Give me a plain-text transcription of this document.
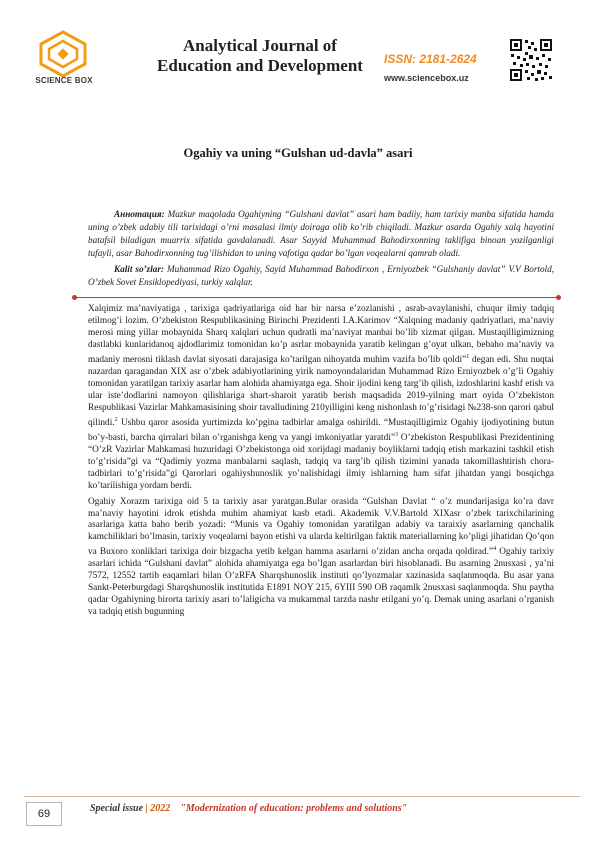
SCIENCE BOX
Analytical Journal of
Education and Development	ISSN: 2181-2624
www.sciencebox.uz
Ogahiy va uning “Gulshan ud-davla” asari

Аннотация: Mazkur maqolada Ogahiyning “Gulshani davlat” asari ham badiiy, ham tarixiy manba sifatida hamda uning o’zbek adabiy tili tarixidagi o’rni masalasi ilmiy doiraga olib ko’rib chiqiladi. Mazkur asarda Ogahiy xalq hayotini batafsil biladigan muarrix sifatida gavdalanadi. Asar Sayyid Muhammad Bahodirxonning taklifiga binoan yozilganligi tufayli, asar Bahodirxonning tug’ilishidan to uning vafotiga qadar bo’lgan voqealarni qamrab oladi.

Kalit so’zlar: Muhammad Rizo Ogahiy, Sayid Muhammad Bahodirxon , Erniyozbek “Gulshaniy davlat” V.V Bortold, O’zbek Sovet Ensiklopediyasi, turkiy xalqlar.

Xalqimiz ma’naviyatiga , tarixiga qadriyatlariga oid har bir narsa e’zozlanishi , asrab-avaylanishi, chuqur ilmiy tadqiq etilmog’i lozim. O’zbekiston Respublikasining Birinchi Prezidenti I.A.Karimov “Xalqning madaniy qadriyatlari, ma’naviy merosi ming yillar mobaynida Sharq xalqlari uchun qudratli ma’naviyat manbai bo’lib xizmat qilgan. Mustaqilligimizning dastlabki kunlaridanoq ajdodlarimiz tomonidan ko’p asrlar mobaynida yaratib kelingan g’oyat ulkan, bebaho ma’naviy va madaniy merosni tiklash davlat siyosati darajasiga ko’tarilgan nihoyatda muhim vazifa bo’lib qoldi”$^1$ degan edi. Shu nuqtai nazardan qaragandan XIX asr o’zbek adabiyotlarining yirik namoyondalaridan Muhammad Rizo Erniyozbek o’g’li Ogahiy tomonidan yaratilgan tarixiy asarlar ham alohida ahamiyatga ega. Shoir ijodini keng targ’ib qilish, izdoshlarini kashf etish va ular iste’dodlarini namoyon qilishlariga shart-sharoit yaratib berish maqsadida 2019-yilning mart oyida O’zbekiston Respublikasi Vazirlar Mahkamasisining shoir tavalludining 210yilligini keng nishonlash to’g’risidagi №238-son qarori qabul qilindi.$^2$ Ushbu qaror asosida yurtimizda ko’pgina tadbirlar amalga oshirildi. “Mustaqilligimiz Ogahiy ijodiyotining butun bo’y-basti, barcha qirralari bilan o’rganishga keng va yangi imkoniyatlar yaratdi”$^3$ O’zbekiston Respublikasi Prezidentining “O’zR Vazirlar Mahkamasi huzuridagi O’zbekistonga oid xorijdagi madaniy boyliklarni tadqiq etish markazini tashkil etish to’g’risida”gi va “Qadimiy yozma manbalarni saqlash, tadqiq va targ’ib qilish tizimini yanada takomillashtirish chora-tadbirlari to’g’risida”gi Qarorlari ogahiyshunoslik yo’nalishidagi ilmiy ishlarning ham sifat jihatdan yangi bosqichga ko’tarilishiga yordam berdi.

Ogahiy Xorazm tarixiga oid 5 ta tarixiy asar yaratgan.Bular orasida “Gulshan Davlat “ o’z mundarijasiga ko’ra davr ma’naviy hayotini idrok etishda muhim ahamiyat kasb etadi. Akademik V.V.Bartold XIXasr o’zbek tarixchilarining asarlariga katta baho berib yozadi: “Munis va Ogahiy tomonidan yaratilgan adabiy va taraixiy asarlarning qanchalik kamchiliklari bo’lmasin, tarixiy voqealarni bayon etishi va ularda keltirilgan faktik materiallarning ko’pligi jihatidan Qo’qon va Buxoro xonliklari tarixiga doir bizgacha yetib kelgan hamma asarlarni o’zidan ancha orqada qoldirad.”$^4$ Ogahiy tarixiy asarlari ichida “Gulshani davlat” alohida ahamiyatga ega bo’lgan asarlardan biri hisoblanadi. Bu asarning 2nusxasi , ya’ni 7572, 12552 tartib eaqamlari bilan O’zRFA Sharqshunoslik instituti qo’lyozmalar xazinasida saqlanmoqda. Bu asar yana Sankt-Peterburgdagi Sharqshunoslik institutida E1891 NOY 215, 6YIII 590 OB raqamlk 2nusxasi saqlanmoqda. Shu paytha qadar Ogahiyning birorta tarixiy asari to’laligicha va mukammal tarzda nashr etilgani yo’q. Demak uning asarlani o’rganish va tadqiq etish bugunning

69	Special issue | 2022 "Modernization of education: problems and solutions"
